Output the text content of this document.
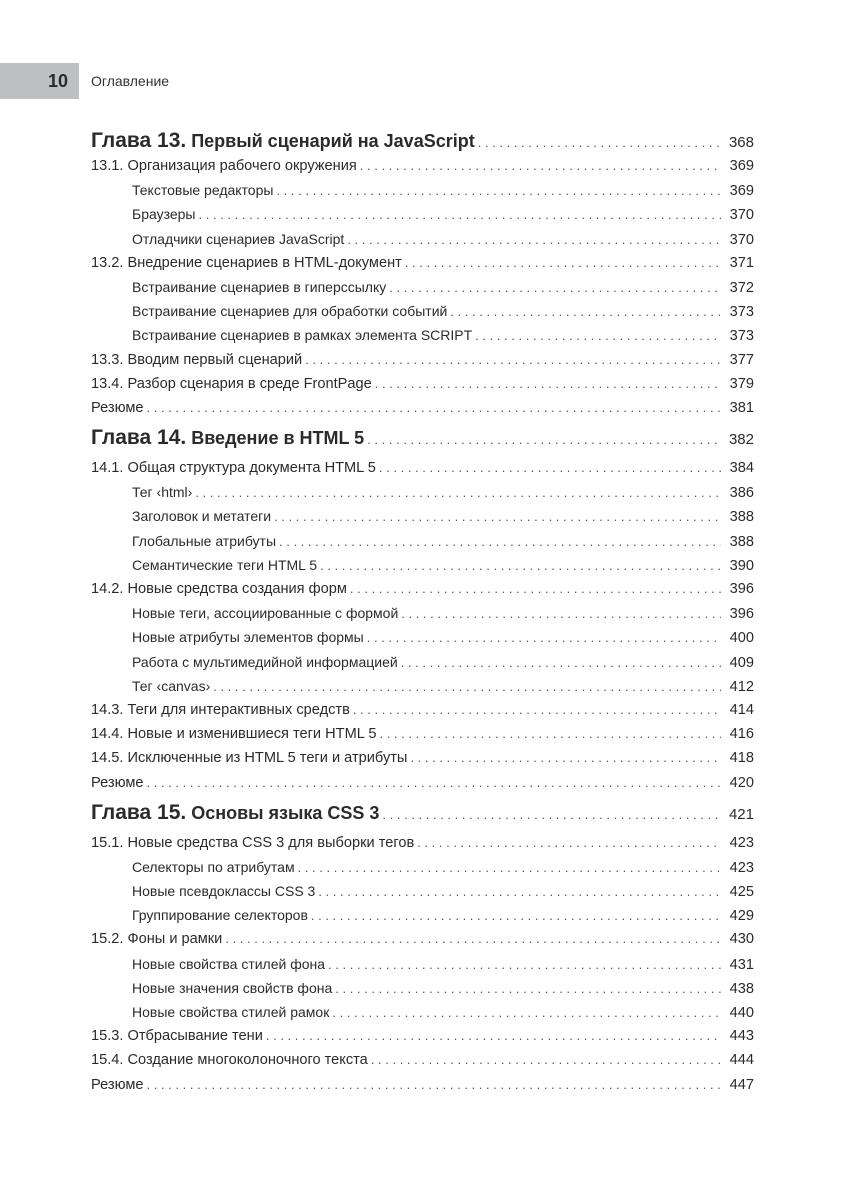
10	Оглавление
Глава 13. Первый сценарий на JavaScript . . .	368
13.1. Организация рабочего окружения . . .	369
Текстовые редакторы . . .	369
Браузеры . . .	370
Отладчики сценариев JavaScript . . .	370
13.2. Внедрение сценариев в HTML-документ . . .	371
Встраивание сценариев в гиперссылку . . .	372
Встраивание сценариев для обработки событий . . .	373
Встраивание сценариев в рамках элемента SCRIPT . . .	373
13.3. Вводим первый сценарий . . .	377
13.4. Разбор сценария в среде FrontPage . . .	379
Резюме . . .	381
Глава 14. Введение в HTML 5 . . .	382
14.1. Общая структура документа HTML 5 . . .	384
Тег ‹html› . . .	386
Заголовок и метатеги . . .	388
Глобальные атрибуты . . .	388
Семантические теги HTML 5 . . .	390
14.2. Новые средства создания форм . . .	396
Новые теги, ассоциированные с формой . . .	396
Новые атрибуты элементов формы . . .	400
Работа с мультимедийной информацией . . .	409
Тег ‹canvas› . . .	412
14.3. Теги для интерактивных средств . . .	414
14.4. Новые и изменившиеся теги HTML 5 . . .	416
14.5. Исключенные из HTML 5 теги и атрибуты . . .	418
Резюме . . .	420
Глава 15. Основы языка CSS 3 . . .	421
15.1. Новые средства CSS 3 для выборки тегов . . .	423
Селекторы по атрибутам . . .	423
Новые псевдоклассы CSS 3 . . .	425
Группирование селекторов . . .	429
15.2. Фоны и рамки . . .	430
Новые свойства стилей фона . . .	431
Новые значения свойств фона . . .	438
Новые свойства стилей рамок . . .	440
15.3. Отбрасывание тени . . .	443
15.4. Создание многоколоночного текста . . .	444
Резюме . . .	447
